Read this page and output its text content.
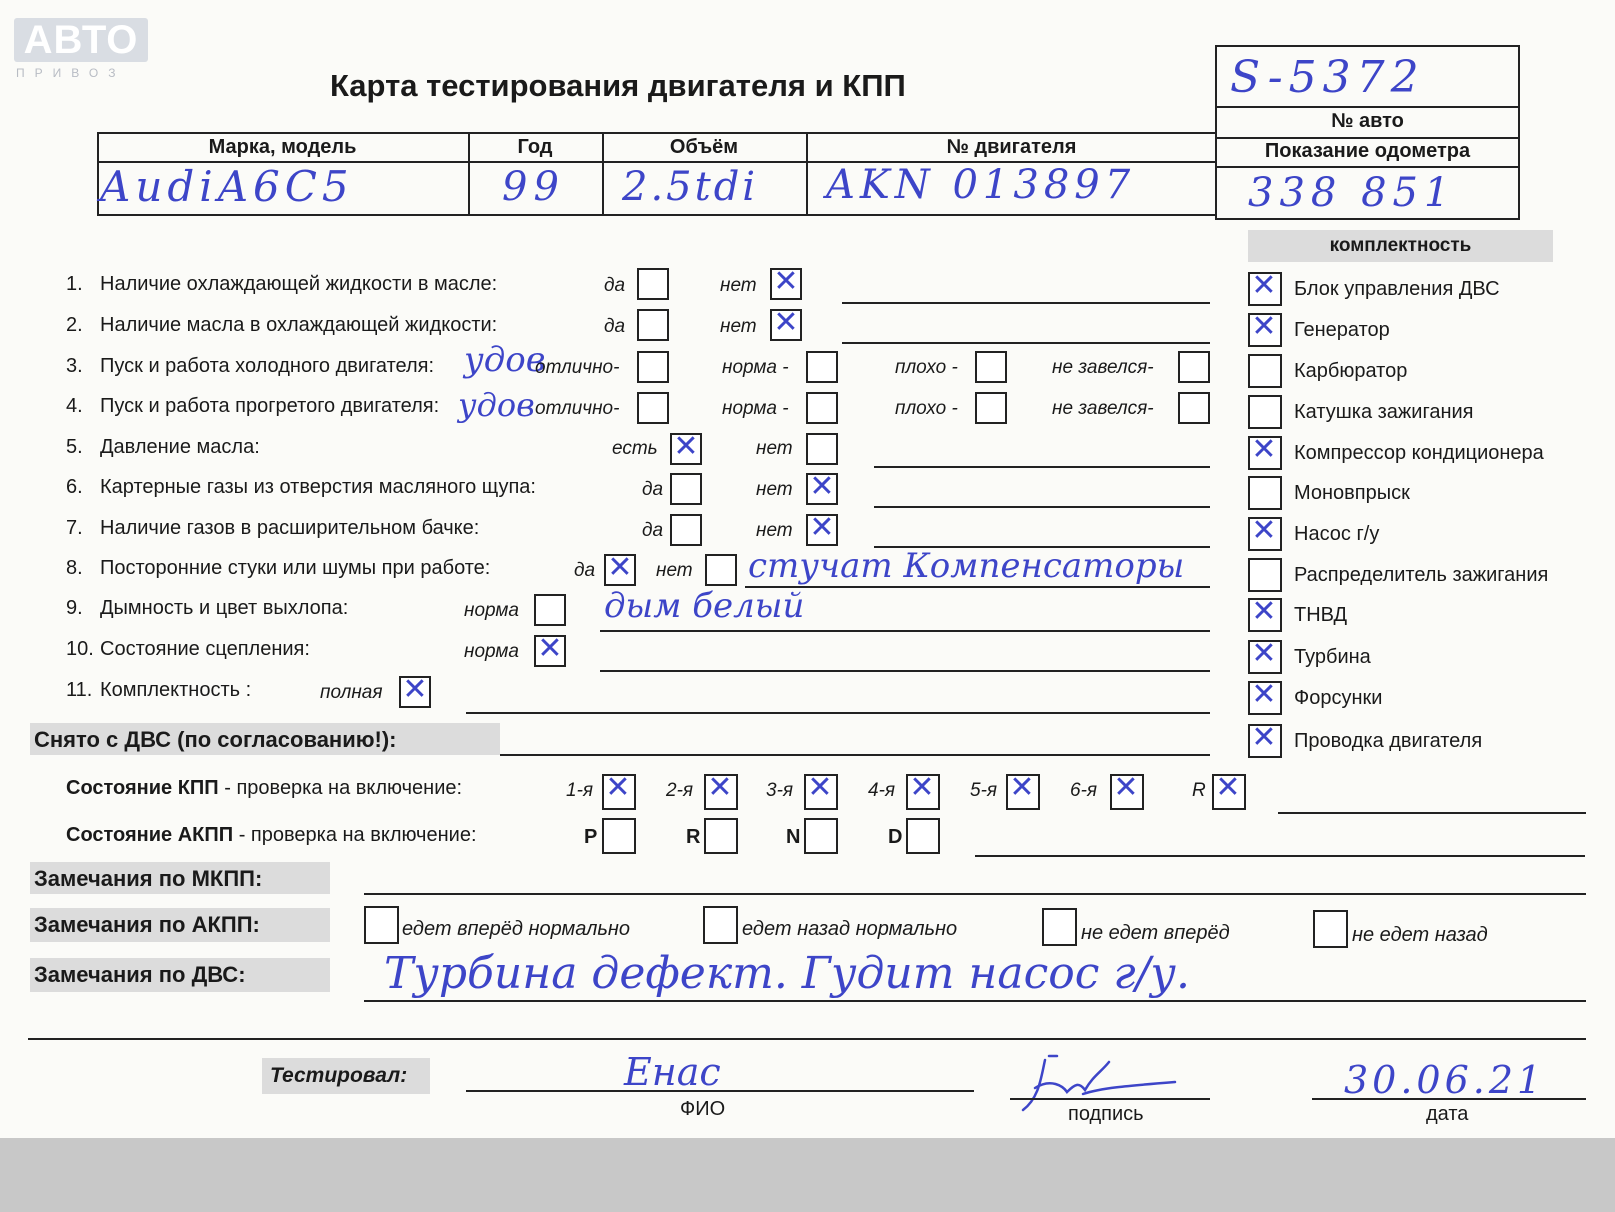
АВТО
ПРИВОЗ	Карта тестирования двигателя и КПП	S-5372
№ авто
Показание одометра
338 851
Марка, модель	Год	Объём	№ двигателя
AudiA6C5	99 2.5tdi AKN 013897
комплектность
✕ Блок управления ДВС
✕ Генератор
Карбюратор
Катушка зажигания
✕ Компрессор кондиционера
Моновпрыск
✕ Насос г/у
Распределитель зажигания
✕ ТНВД
✕ Турбина
✕ Форсунки
✕ Проводка двигателя
1. Наличие охлаждающей жидкости в масле:	да	нет ✕
2. Наличие масла в охлаждающей жидкости:	да	нет ✕
3. Пуск и работа холодного двигателя: удов
отлично-	норма -	плохо -	не завелся-
4. Пуск и работа прогретого двигателя: удов отлично-	норма -	плохо -	не завелся-
5. Давление масла:	есть ✕	нет
6. Картерные газы из отверстия масляного щупа:	да	нет ✕
7. Наличие газов в расширительном бачке:	да	нет ✕
8. Посторонние стуки или шумы при работе:	да ✕ нет стучат Компенсаторы
9. Дымность и цвет выхлопа:	норма	дым белый
10. Состояние сцепления:	норма ✕
11. Комплектность :	полная ✕
Снято с ДВС (по согласованию!):
Состояние КПП - проверка на включение:	1-я ✕ 2-я ✕ 3-я ✕ 4-я ✕ 5-я ✕ 6-я ✕	R ✕
Состояние АКПП - проверка на включение:	P	R	N	D
Замечания по МКПП:
Замечания по АКПП:	едет вперёд нормально	едет назад нормально	не едет вперёд	не едет назад
Замечания по ДВС:	Турбина дефект. Гудит насос г/у.
Тестировал:	Енас
ФИО	подпись
30.06.21
дата
